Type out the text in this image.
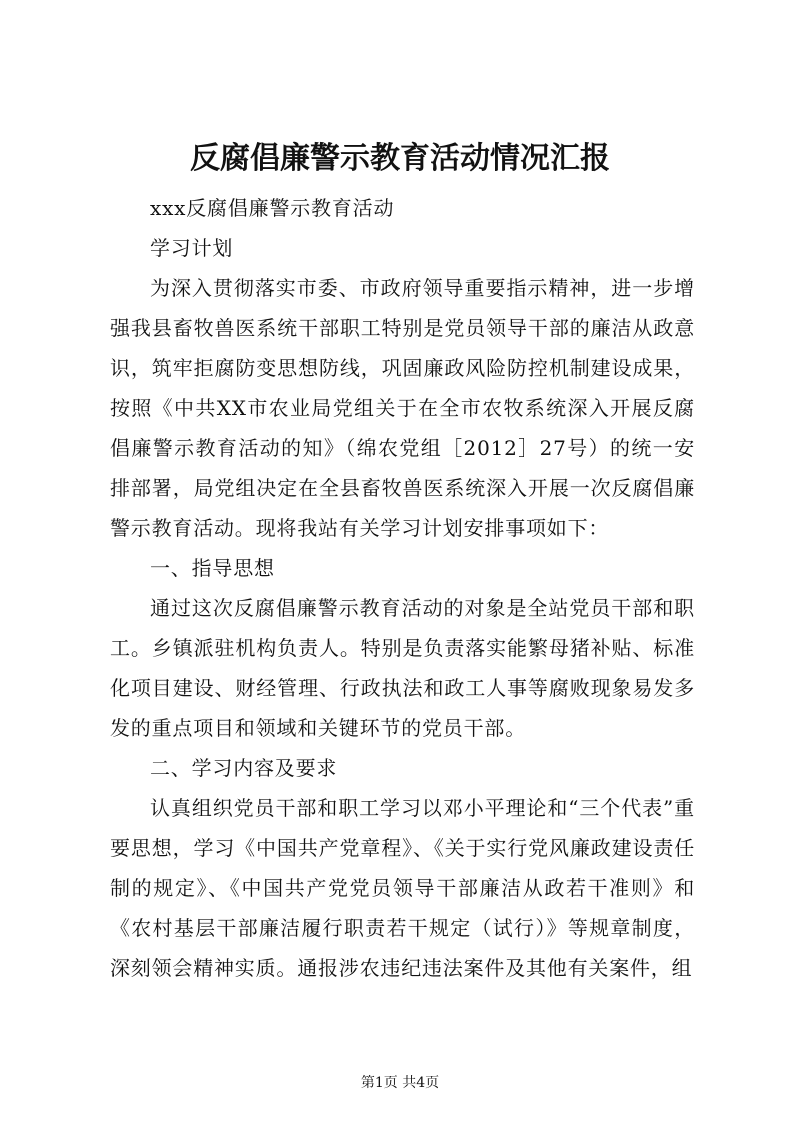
反腐倡廉警示教育活动情况汇报

xxx反腐倡廉警示教育活动

学习计划

为深入贯彻落实市委、市政府领导重要指示精神，进一步增强我县畜牧兽医系统干部职工特别是党员领导干部的廉洁从政意识，筑牢拒腐防变思想防线，巩固廉政风险防控机制建设成果，按照《中共XX市农业局党组关于在全市农牧系统深入开展反腐倡廉警示教育活动的知》（绵农党组［2012］27号）的统一安排部署，局党组决定在全县畜牧兽医系统深入开展一次反腐倡廉警示教育活动。现将我站有关学习计划安排事项如下：

一、指导思想

通过这次反腐倡廉警示教育活动的对象是全站党员干部和职工。乡镇派驻机构负责人。特别是负责落实能繁母猪补贴、标准化项目建设、财经管理、行政执法和政工人事等腐败现象易发多发的重点项目和领域和关键环节的党员干部。

二、学习内容及要求

认真组织党员干部和职工学习以邓小平理论和“三个代表”重要思想，学习《中国共产党章程》、《关于实行党风廉政建设责任制的规定》、《中国共产党党员领导干部廉洁从政若干准则》和《农村基层干部廉洁履行职责若干规定（试行）》等规章制度，深刻领会精神实质。通报涉农违纪违法案件及其他有关案件，组

第1页 共4页
